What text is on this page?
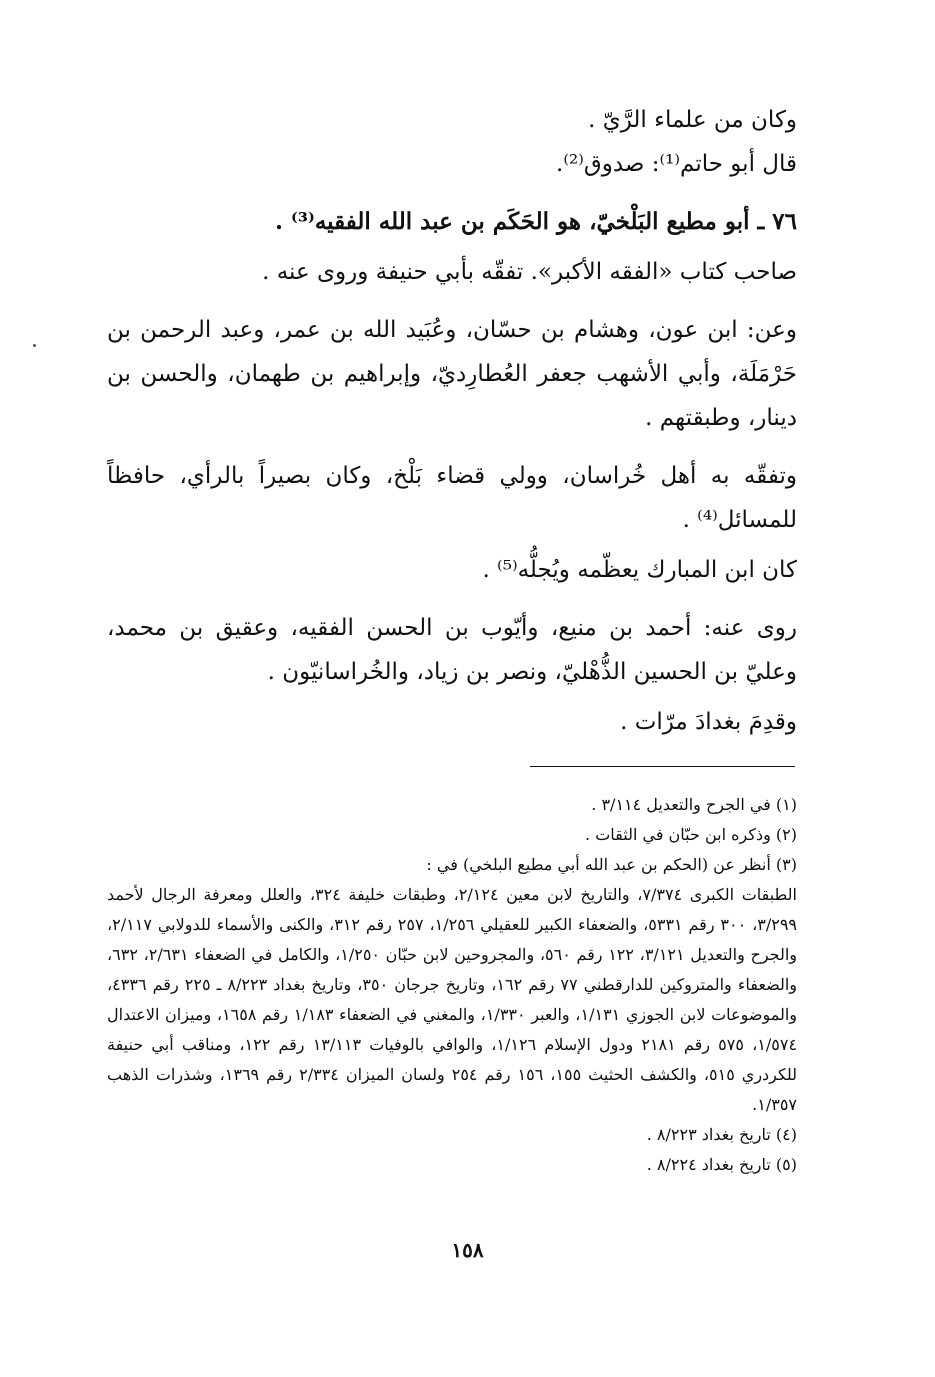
وكان من علماء الرَّيّ .

قال أبو حاتم⁽¹⁾: صدوق⁽²⁾.

٧٦ ـ أبو مطيع البَلْخيّ، هو الحَكَم بن عبد الله الفقيه⁽³⁾ .

صاحب كتاب «الفقه الأكبر». تفقّه بأبي حنيفة وروى عنه .

وعن: ابن عون، وهشام بن حسّان، وعُبَيد الله بن عمر، وعبد الرحمن بن حَرْمَلَة، وأبي الأشهب جعفر العُطارِديّ، وإبراهيم بن طهمان، والحسن بن دينار، وطبقتهم .

وتفقّه به أهل خُراسان، وولي قضاء بَلْخ، وكان بصيراً بالرأي، حافظاً للمسائل⁽⁴⁾ .

كان ابن المبارك يعظّمه ويُجلُّه⁽⁵⁾ .

روى عنه: أحمد بن منيع، وأيّوب بن الحسن الفقيه، وعقيق بن محمد، وعليّ بن الحسين الذُّهْليّ، ونصر بن زياد، والخُراسانيّون .

وقدِمَ بغدادَ مرّات .

(١) في الجرح والتعديل ٣/١١٤ .

(٢) وذكره ابن حبّان في الثقات .

(٣) أنظر عن (الحكم بن عبد الله أبي مطيع البلخي) في :

الطبقات الكبرى ٧/٣٧٤، والتاريخ لابن معين ٢/١٢٤، وطبقات خليفة ٣٢٤، والعلل ومعرفة الرجال لأحمد ٣/٢٩٩، ٣٠٠ رقم ٥٣٣١، والضعفاء الكبير للعقيلي ١/٢٥٦، ٢٥٧ رقم ٣١٢، والكنى والأسماء للدولابي ٢/١١٧، والجرح والتعديل ٣/١٢١، ١٢٢ رقم ٥٦٠، والمجروحين لابن حبّان ١/٢٥٠، والكامل في الضعفاء ٢/٦٣١، ٦٣٢، والضعفاء والمتروكين للدارقطني ٧٧ رقم ١٦٢، وتاريخ جرجان ٣٥٠، وتاريخ بغداد ٨/٢٢٣ ـ ٢٢٥ رقم ٤٣٣٦، والموضوعات لابن الجوزي ١/١٣١، والعبر ١/٣٣٠، والمغني في الضعفاء ١/١٨٣ رقم ١٦٥٨، وميزان الاعتدال ١/٥٧٤، ٥٧٥ رقم ٢١٨١ ودول الإسلام ١/١٢٦، والوافي بالوفيات ١٣/١١٣ رقم ١٢٢، ومناقب أبي حنيفة للكردري ٥١٥، والكشف الحثيث ١٥٥، ١٥٦ رقم ٢٥٤ ولسان الميزان ٢/٣٣٤ رقم ١٣٦٩، وشذرات الذهب ١/٣٥٧.

(٤) تاريخ بغداد ٨/٢٢٣ .

(٥) تاريخ بغداد ٨/٢٢٤ .

١٥٨
